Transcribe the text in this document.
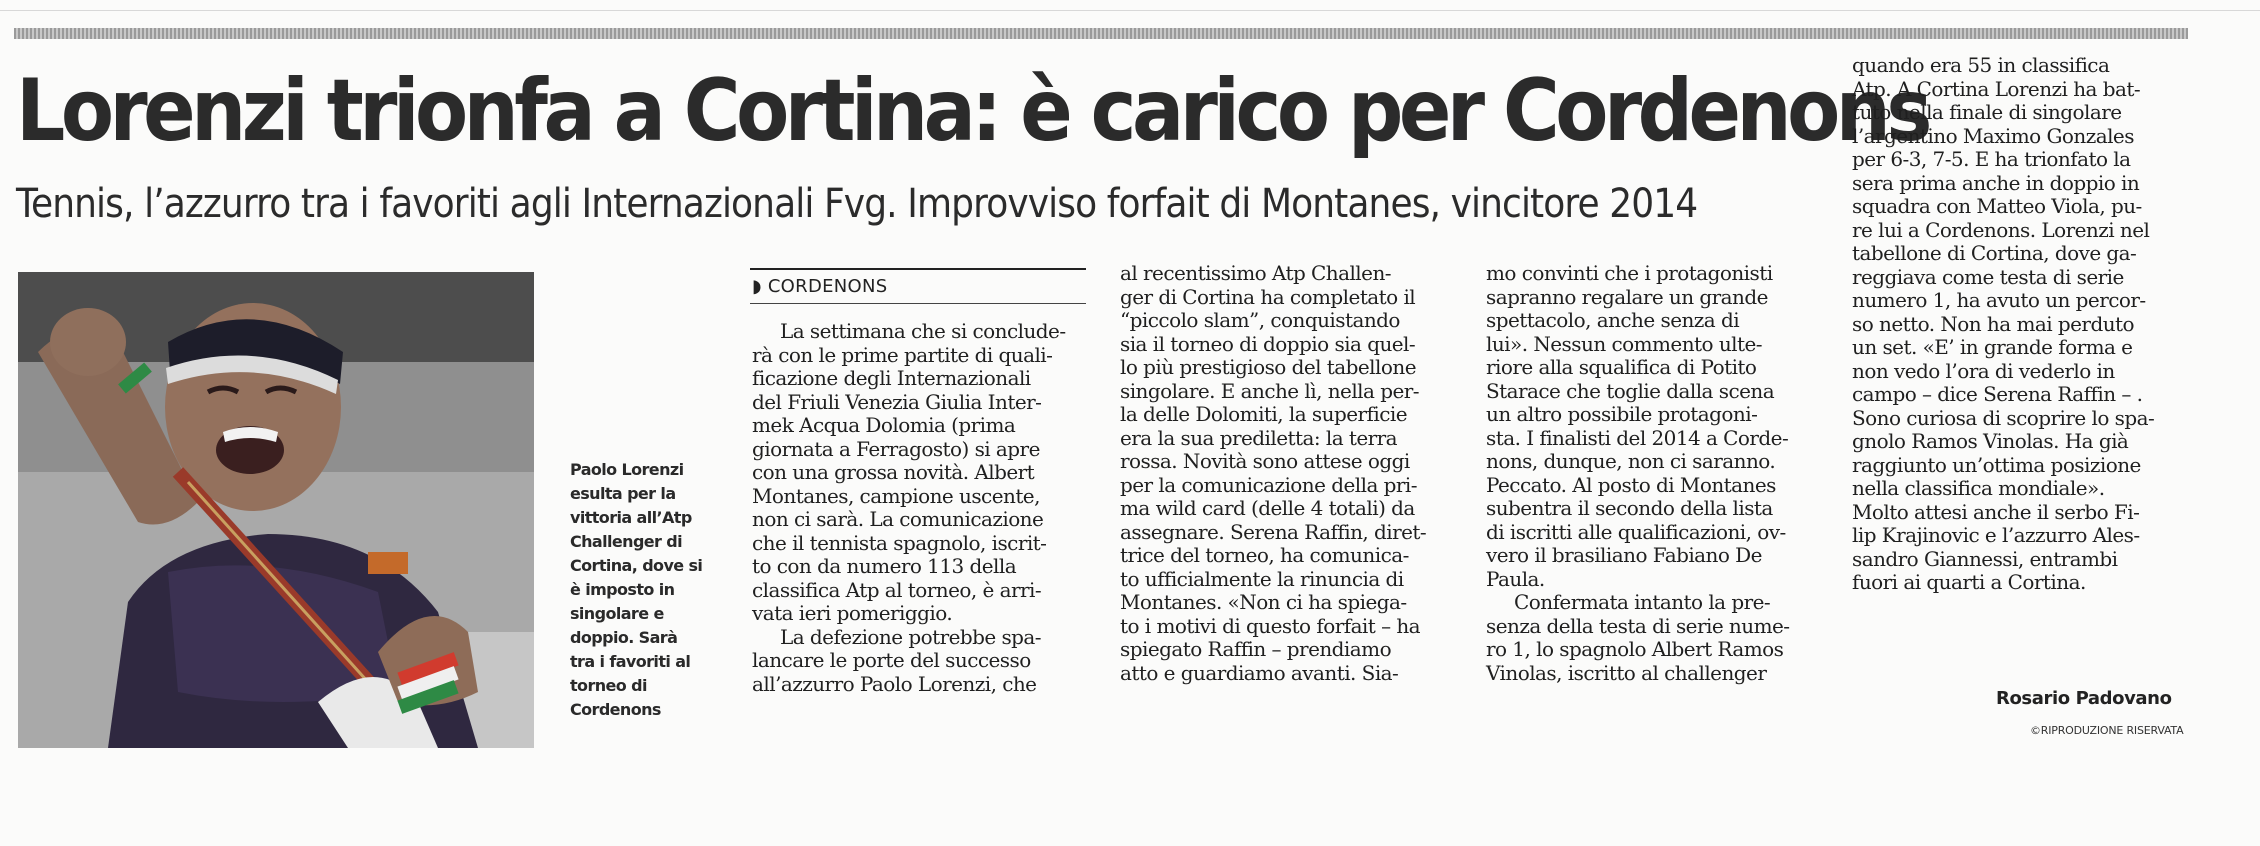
Lorenzi trionfa a Cortina: è carico per Cordenons
Tennis, l’azzurro tra i favoriti agli Internazionali Fvg. Improvviso forfait di Montanes, vincitore 2014

Paolo Lorenzi

esulta per la

vittoria all’Atp

Challenger di

Cortina, dove si

è imposto in

singolare e

doppio. Sarà

tra i favoriti al

torneo di

Cordenons

◗ CORDENONS

La settimana che si conclude-

rà con le prime partite di quali-

ficazione degli Internazionali

del Friuli Venezia Giulia Inter-

mek Acqua Dolomia (prima

giornata a Ferragosto) si apre

con una grossa novità. Albert

Montanes, campione uscente,

non ci sarà. La comunicazione

che il tennista spagnolo, iscrit-

to con da numero 113 della

classifica Atp al torneo, è arri-

vata ieri pomeriggio.

La defezione potrebbe spa-

lancare le porte del successo

all’azzurro Paolo Lorenzi, che

al recentissimo Atp Challen-

ger di Cortina ha completato il

“piccolo slam”, conquistando

sia il torneo di doppio sia quel-

lo più prestigioso del tabellone

singolare. E anche lì, nella per-

la delle Dolomiti, la superficie

era la sua prediletta: la terra

rossa. Novità sono attese oggi

per la comunicazione della pri-

ma wild card (delle 4 totali) da

assegnare. Serena Raffin, diret-

trice del torneo, ha comunica-

to ufficialmente la rinuncia di

Montanes. «Non ci ha spiega-

to i motivi di questo forfait – ha

spiegato Raffin – prendiamo

atto e guardiamo avanti. Sia-

mo convinti che i protagonisti

sapranno regalare un grande

spettacolo, anche senza di

lui». Nessun commento ulte-

riore alla squalifica di Potito

Starace che toglie dalla scena

un altro possibile protagoni-

sta. I finalisti del 2014 a Corde-

nons, dunque, non ci saranno.

Peccato. Al posto di Montanes

subentra il secondo della lista

di iscritti alle qualificazioni, ov-

vero il brasiliano Fabiano De

Paula.

Confermata intanto la pre-

senza della testa di serie nume-

ro 1, lo spagnolo Albert Ramos

Vinolas, iscritto al challenger

quando era 55 in classifica

Atp. A Cortina Lorenzi ha bat-

tuto nella finale di singolare

l’argentino Maximo Gonzales

per 6-3, 7-5. E ha trionfato la

sera prima anche in doppio in

squadra con Matteo Viola, pu-

re lui a Cordenons. Lorenzi nel

tabellone di Cortina, dove ga-

reggiava come testa di serie

numero 1, ha avuto un percor-

so netto. Non ha mai perduto

un set. «E’ in grande forma e

non vedo l’ora di vederlo in

campo – dice Serena Raffin – .

Sono curiosa di scoprire lo spa-

gnolo Ramos Vinolas. Ha già

raggiunto un’ottima posizione

nella classifica mondiale».

Molto attesi anche il serbo Fi-

lip Krajinovic e l’azzurro Ales-

sandro Giannessi, entrambi

fuori ai quarti a Cortina.

Rosario Padovano
©RIPRODUZIONE RISERVATA
